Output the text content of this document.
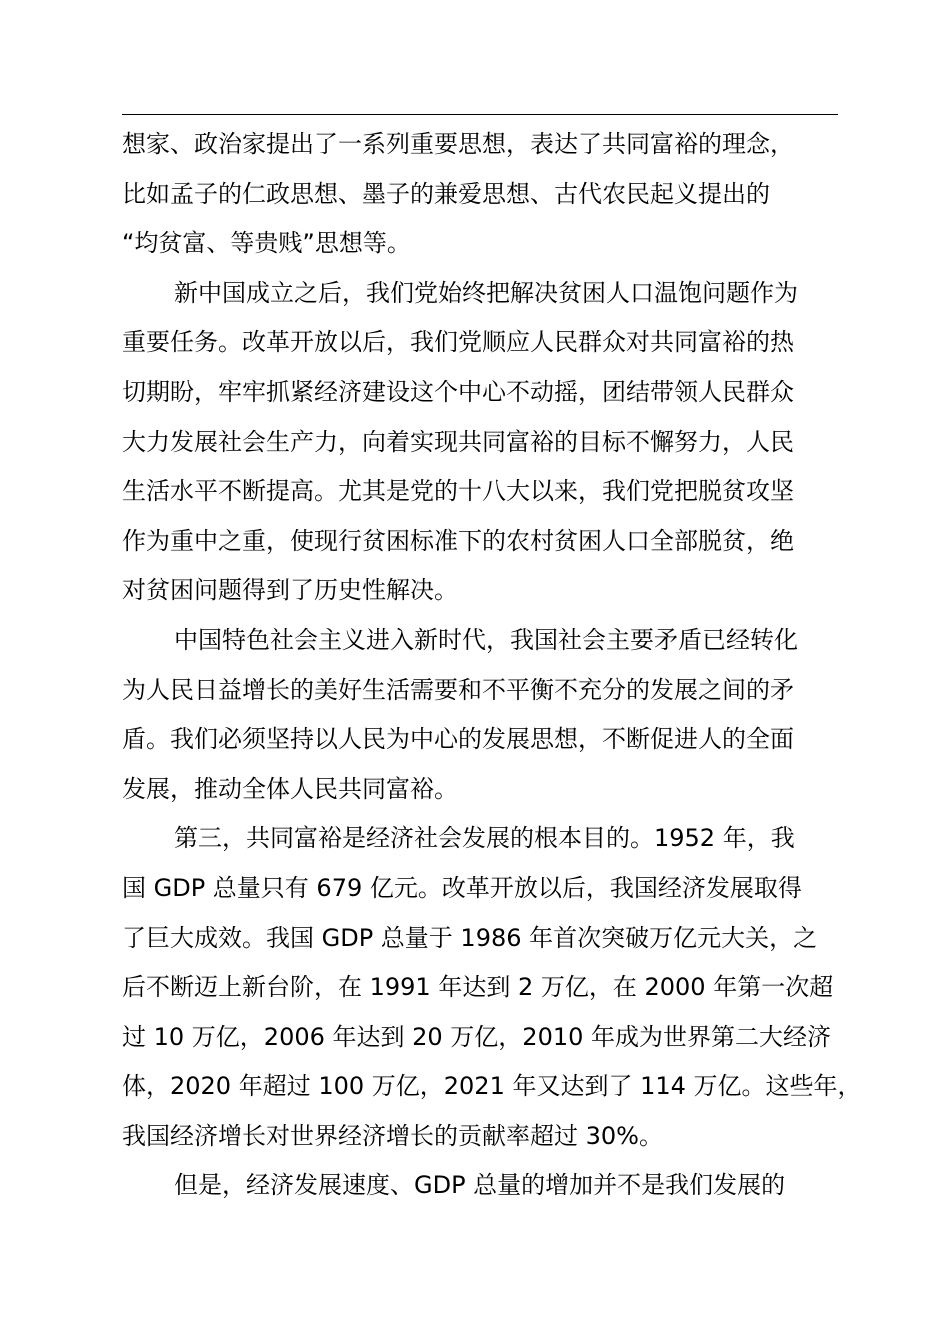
想家、政治家提出了一系列重要思想，表达了共同富裕的理念，
比如孟子的仁政思想、墨子的兼爱思想、古代农民起义提出的
“均贫富、等贵贱”思想等。
新中国成立之后，我们党始终把解决贫困人口温饱问题作为
重要任务。改革开放以后，我们党顺应人民群众对共同富裕的热
切期盼，牢牢抓紧经济建设这个中心不动摇，团结带领人民群众
大力发展社会生产力，向着实现共同富裕的目标不懈努力，人民
生活水平不断提高。尤其是党的十八大以来，我们党把脱贫攻坚
作为重中之重，使现行贫困标准下的农村贫困人口全部脱贫，绝
对贫困问题得到了历史性解决。
中国特色社会主义进入新时代，我国社会主要矛盾已经转化
为人民日益增长的美好生活需要和不平衡不充分的发展之间的矛
盾。我们必须坚持以人民为中心的发展思想，不断促进人的全面
发展，推动全体人民共同富裕。
第三，共同富裕是经济社会发展的根本目的。1952 年，我
国 GDP 总量只有 679 亿元。改革开放以后，我国经济发展取得
了巨大成效。我国 GDP 总量于 1986 年首次突破万亿元大关，之
后不断迈上新台阶，在 1991 年达到 2 万亿，在 2000 年第一次超
过 10 万亿，2006 年达到 20 万亿，2010 年成为世界第二大经济
体，2020 年超过 100 万亿，2021 年又达到了 114 万亿。这些年，
我国经济增长对世界经济增长的贡献率超过 30%。
但是，经济发展速度、GDP 总量的增加并不是我们发展的
